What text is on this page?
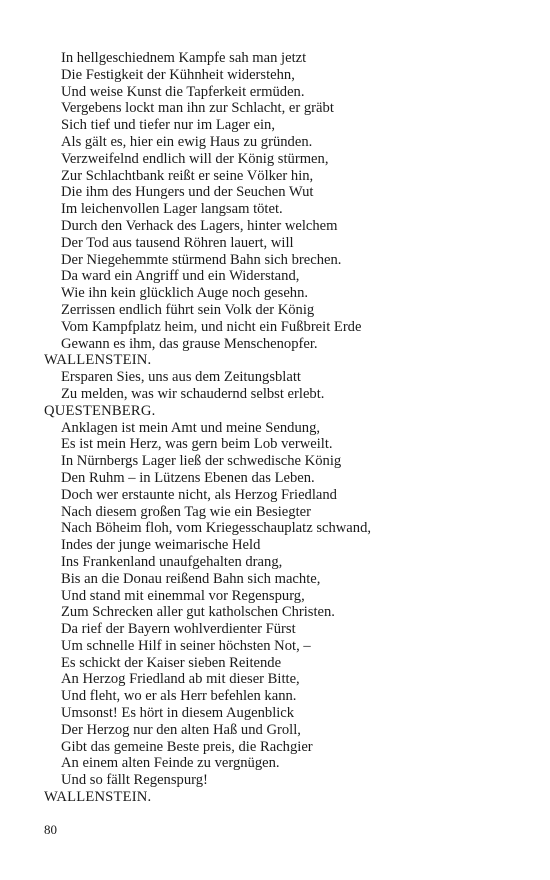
In hellgeschiednem Kampfe sah man jetzt
Die Festigkeit der Kühnheit widerstehn,
Und weise Kunst die Tapferkeit ermüden.
Vergebens lockt man ihn zur Schlacht, er gräbt
Sich tief und tiefer nur im Lager ein,
Als gält es, hier ein ewig Haus zu gründen.
Verzweifelnd endlich will der König stürmen,
Zur Schlachtbank reißt er seine Völker hin,
Die ihm des Hungers und der Seuchen Wut
Im leichenvollen Lager langsam tötet.
Durch den Verhack des Lagers, hinter welchem
Der Tod aus tausend Röhren lauert, will
Der Niegehemmte stürmend Bahn sich brechen.
Da ward ein Angriff und ein Widerstand,
Wie ihn kein glücklich Auge noch gesehn.
Zerrissen endlich führt sein Volk der König
Vom Kampfplatz heim, und nicht ein Fußbreit Erde
Gewann es ihm, das grause Menschenopfer.
WALLENSTEIN.
Ersparen Sies, uns aus dem Zeitungsblatt
Zu melden, was wir schaudernd selbst erlebt.
QUESTENBERG.
Anklagen ist mein Amt und meine Sendung,
Es ist mein Herz, was gern beim Lob verweilt.
In Nürnbergs Lager ließ der schwedische König
Den Ruhm – in Lützens Ebenen das Leben.
Doch wer erstaunte nicht, als Herzog Friedland
Nach diesem großen Tag wie ein Besiegter
Nach Böheim floh, vom Kriegesschauplatz schwand,
Indes der junge weimarische Held
Ins Frankenland unaufgehalten drang,
Bis an die Donau reißend Bahn sich machte,
Und stand mit einemmal vor Regenspurg,
Zum Schrecken aller gut katholschen Christen.
Da rief der Bayern wohlverdienter Fürst
Um schnelle Hilf in seiner höchsten Not, –
Es schickt der Kaiser sieben Reitende
An Herzog Friedland ab mit dieser Bitte,
Und fleht, wo er als Herr befehlen kann.
Umsonst! Es hört in diesem Augenblick
Der Herzog nur den alten Haß und Groll,
Gibt das gemeine Beste preis, die Rachgier
An einem alten Feinde zu vergnügen.
Und so fällt Regenspurg!
WALLENSTEIN.
80
